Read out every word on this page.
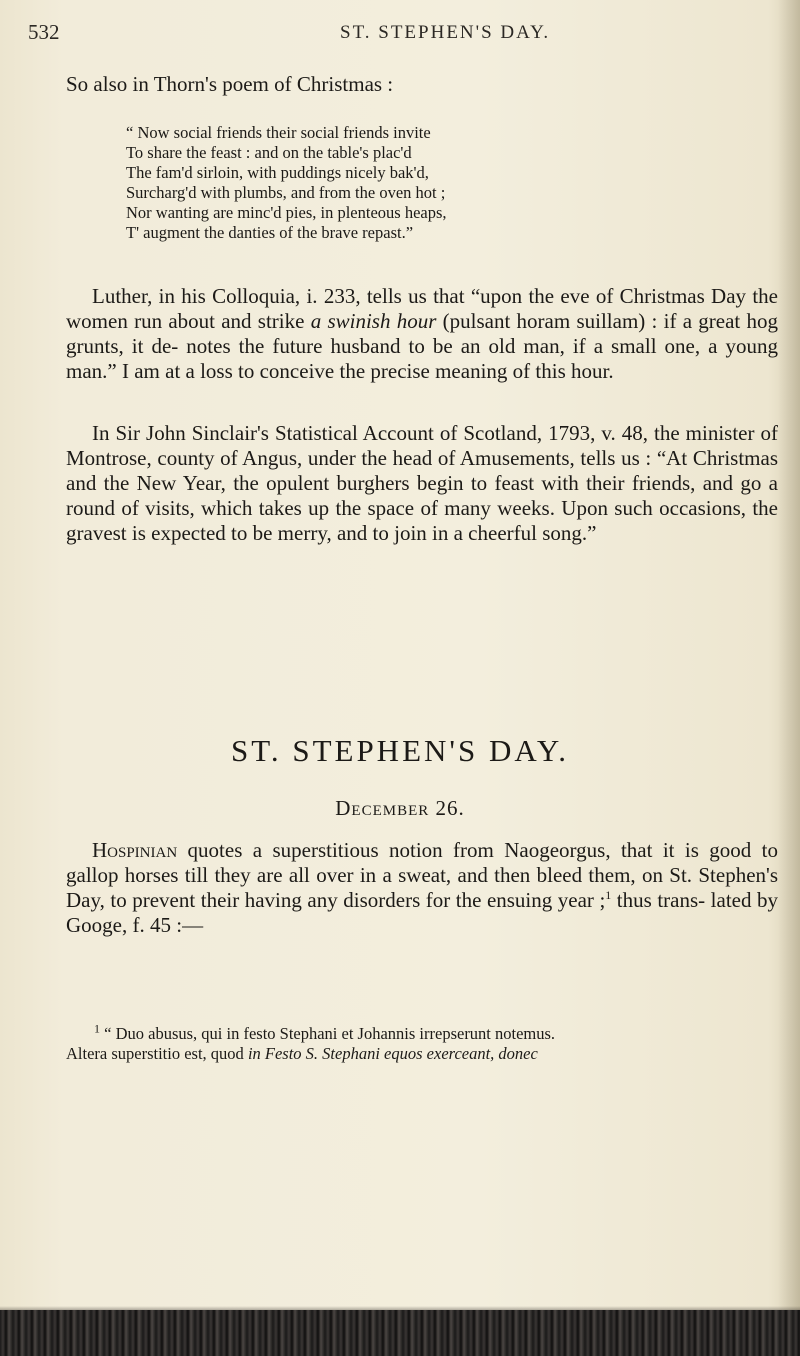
532	ST. STEPHEN'S DAY.

So also in Thorn's poem of Christmas :

“ Now social friends their social friends invite
To share the feast : and on the table's plac'd
The fam'd sirloin, with puddings nicely bak'd,
Surcharg'd with plumbs, and from the oven hot ;
Nor wanting are minc'd pies, in plenteous heaps,
T' augment the danties of the brave repast.”

Luther, in his Colloquia, i. 233, tells us that “upon the eve of Christmas Day the women run about and strike a swinish hour (pulsant horam suillam) : if a great hog grunts, it de- notes the future husband to be an old man, if a small one, a young man.” I am at a loss to conceive the precise meaning of this hour.

In Sir John Sinclair's Statistical Account of Scotland, 1793, v. 48, the minister of Montrose, county of Angus, under the head of Amusements, tells us : “At Christmas and the New Year, the opulent burghers begin to feast with their friends, and go a round of visits, which takes up the space of many weeks. Upon such occasions, the gravest is expected to be merry, and to join in a cheerful song.”

ST. STEPHEN'S DAY.
December 26.

Hospinian quotes a superstitious notion from Naogeorgus, that it is good to gallop horses till they are all over in a sweat, and then bleed them, on St. Stephen's Day, to prevent their having any disorders for the ensuing year ;$^1$ thus trans- lated by Googe, f. 45 :—

$^1$ “ Duo abusus, qui in festo Stephani et Johannis irrepserunt notemus.
Altera superstitio est, quod in Festo S. Stephani equos exerceant, donec
